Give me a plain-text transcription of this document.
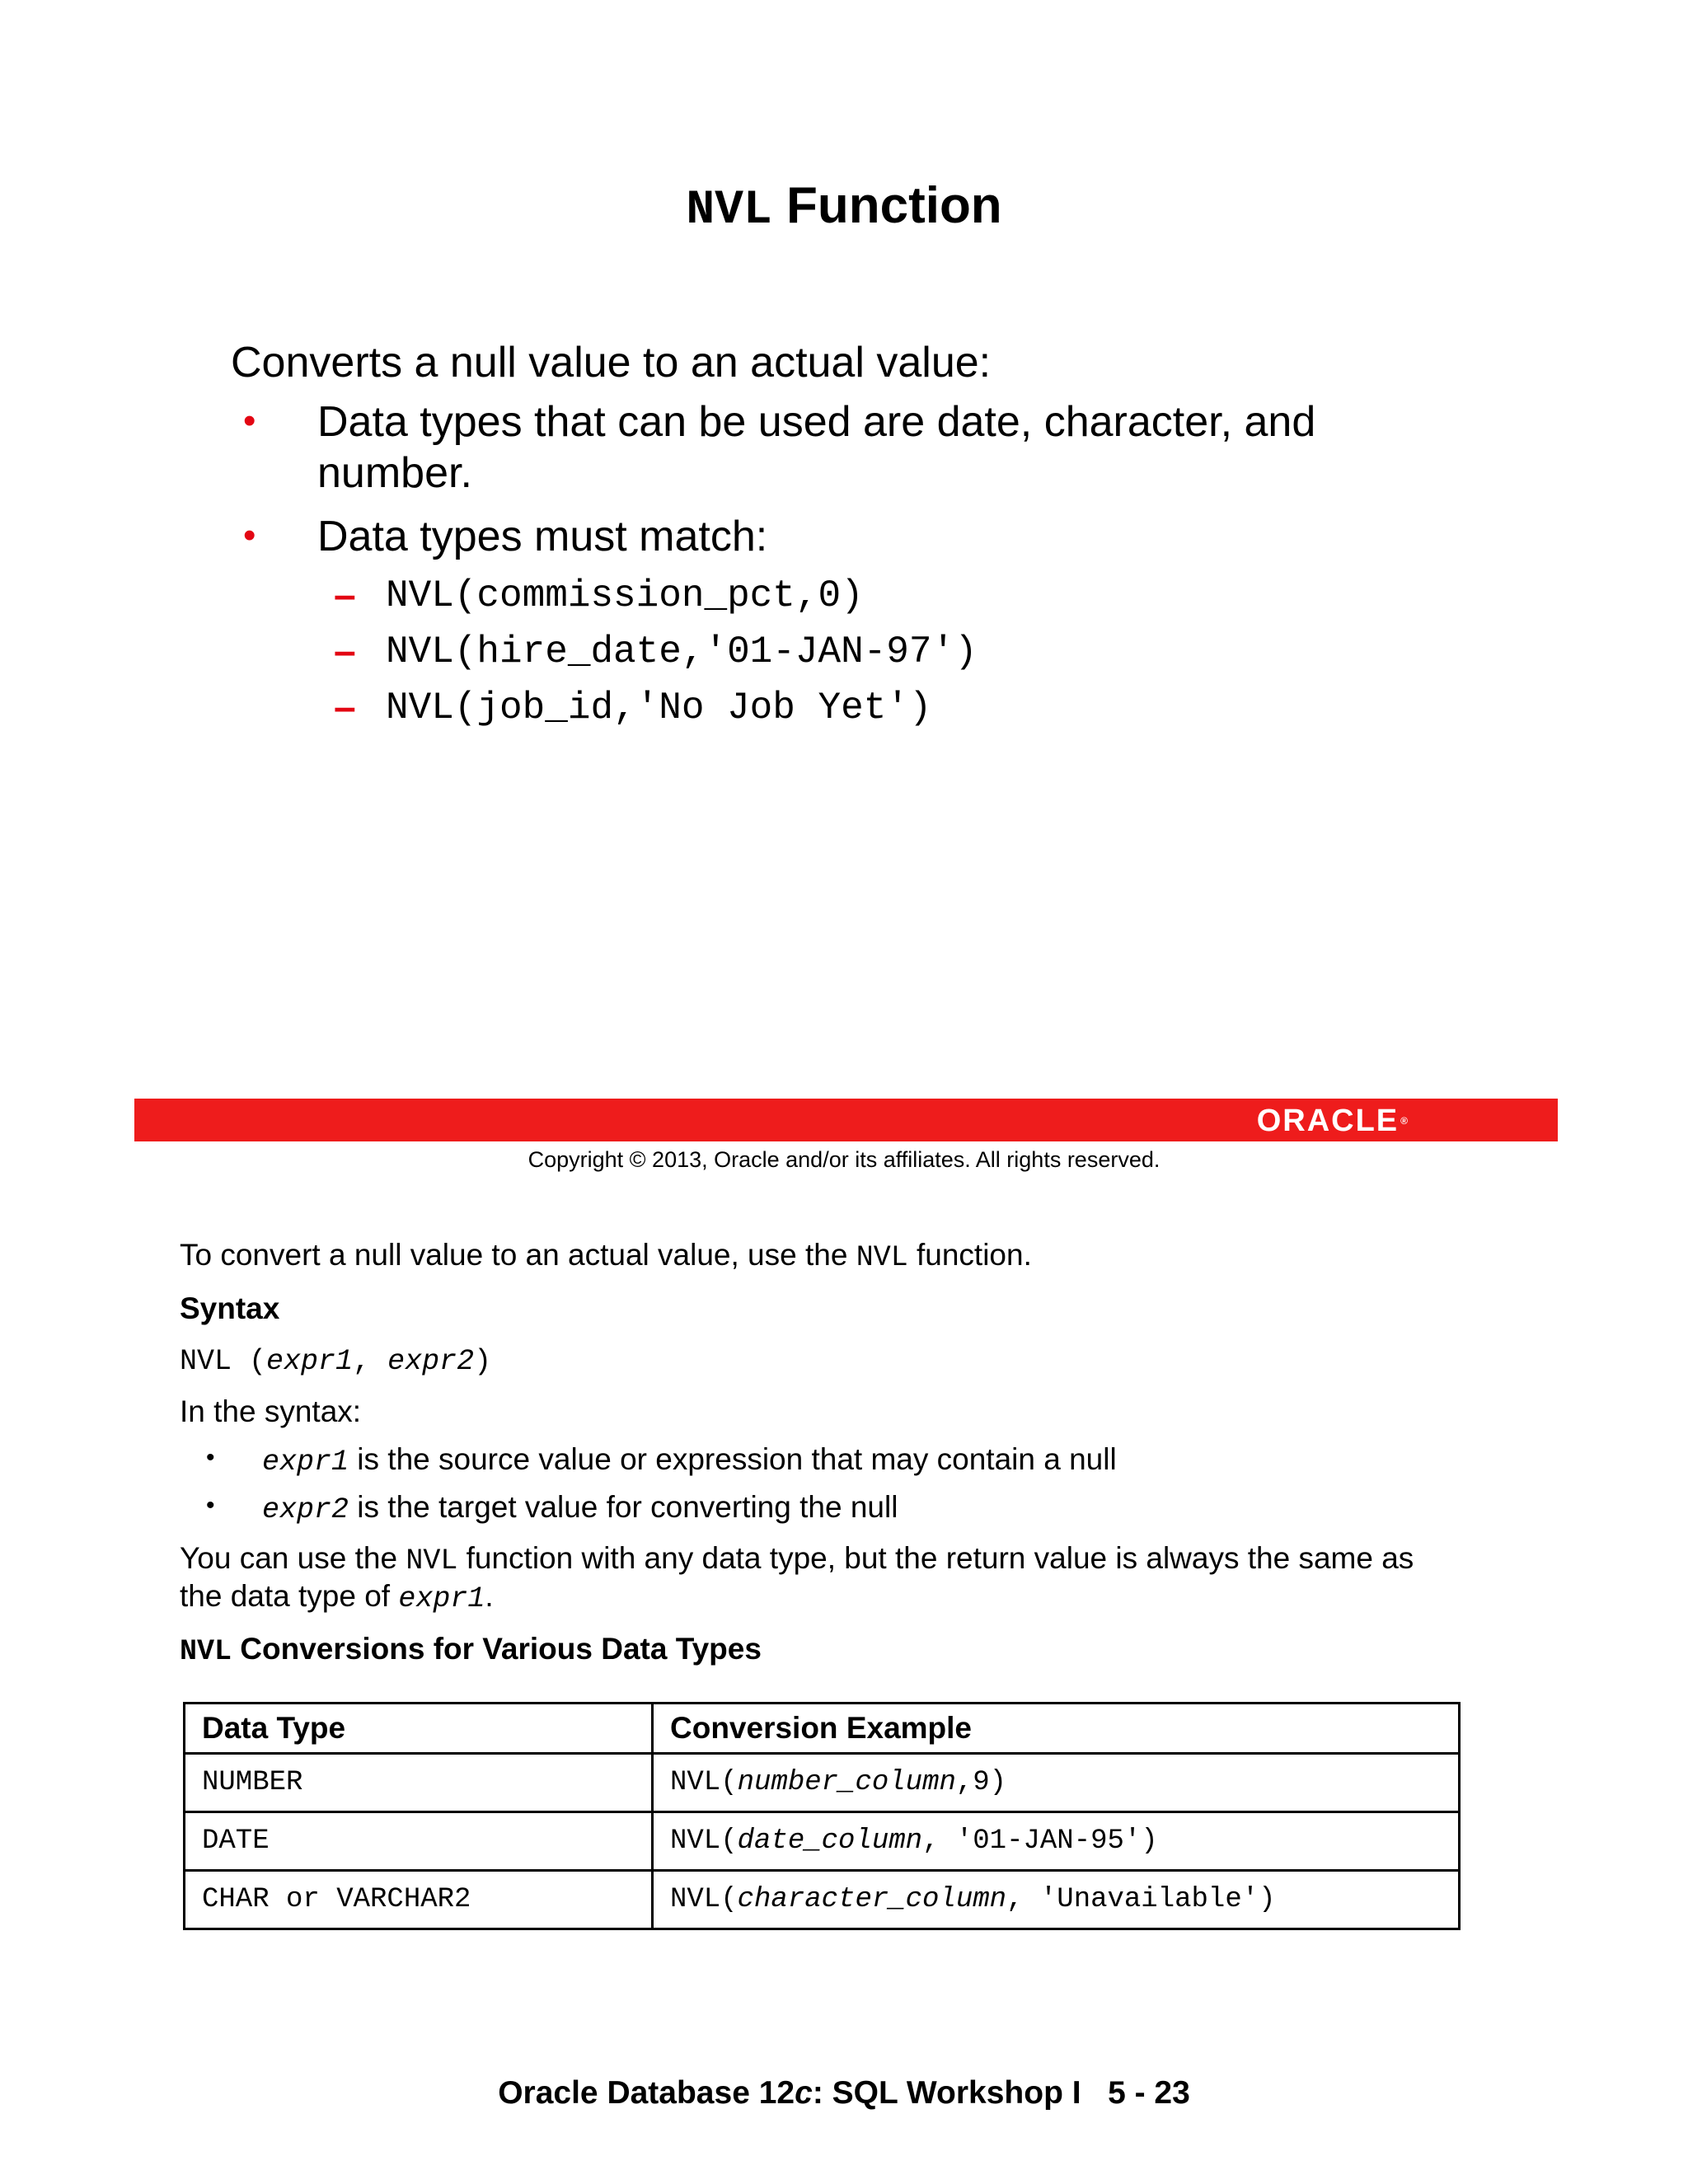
NVL Function
Converts a null value to an actual value:
• Data types that can be used are date, character, and
number.
• Data types must match:
– NVL(commission_pct,0)
– NVL(hire_date,'01-JAN-97')
– NVL(job_id,'No Job Yet')
ORACLE ®
Copyright © 2013, Oracle and/or its affiliates. All rights reserved.
To convert a null value to an actual value, use the NVL function.
Syntax
NVL (expr1, expr2)
In the syntax:
• expr1 is the source value or expression that may contain a null
• expr2 is the target value for converting the null
You can use the NVL function with any data type, but the return value is always the same as
the data type of expr1.
NVL Conversions for Various Data Types
Data Type	Conversion Example
NUMBER	NVL(number_column,9)
DATE	NVL(date_column, '01-JAN-95')
CHAR or VARCHAR2	NVL(character_column, 'Unavailable')
Oracle Database 12c: SQL Workshop I   5 - 23
